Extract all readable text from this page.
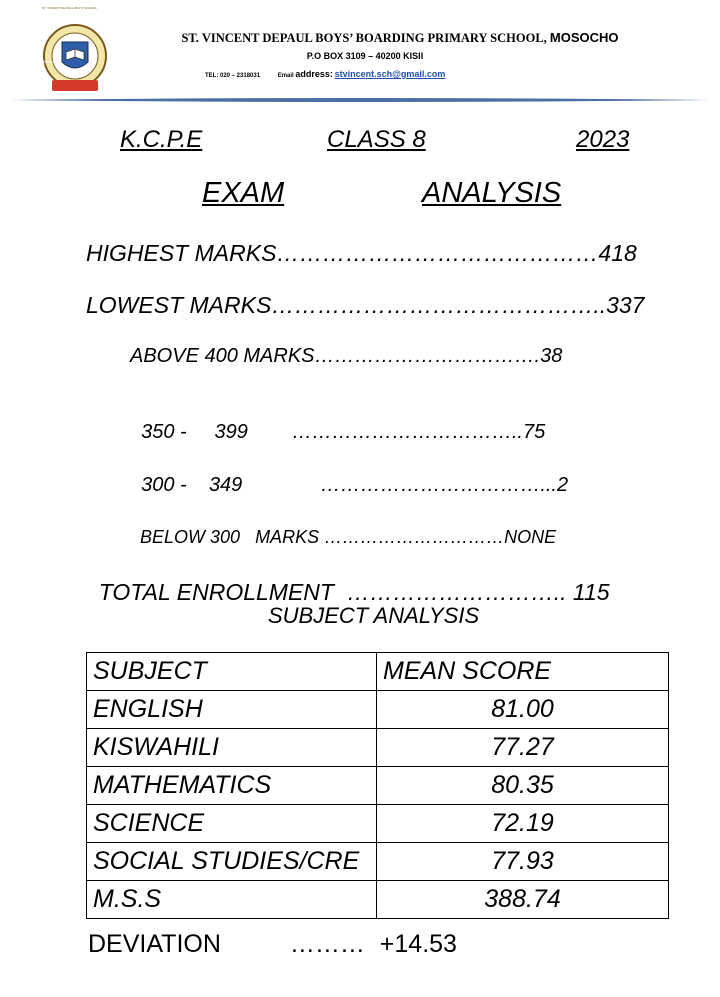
EDUCATION FOR LIFE
ST. VINCENT DE PAUL BOYS' SCHOOL
ST. VINCENT DEPAUL BOYS’ BOARDING PRIMARY SCHOOL, MOSOCHO
P.O BOX 3109 – 40200 KISII
TEL: 020 – 2318031	Email address: stvincent.sch@gmail.com
K.C.P.E	CLASS 8	2023
EXAM	ANALYSIS
HIGHEST MARKS……………………………………418
LOWEST MARKS……………………………………..337
ABOVE 400 MARKS…………………………….38

350 -     399 ……………………………..75

300 -    349	……………………………...2

BELOW 300   MARKS …………………………NONE

TOTAL ENROLLMENT  ……………………….. 115

SUBJECT ANALYSIS
SUBJECT	MEAN SCORE
ENGLISH	81.00
KISWAHILI	77.27
MATHEMATICS	80.35
SCIENCE	72.19
SOCIAL STUDIES/CRE	77.93
M.S.S	388.74
DEVIATION	……… +14.53
